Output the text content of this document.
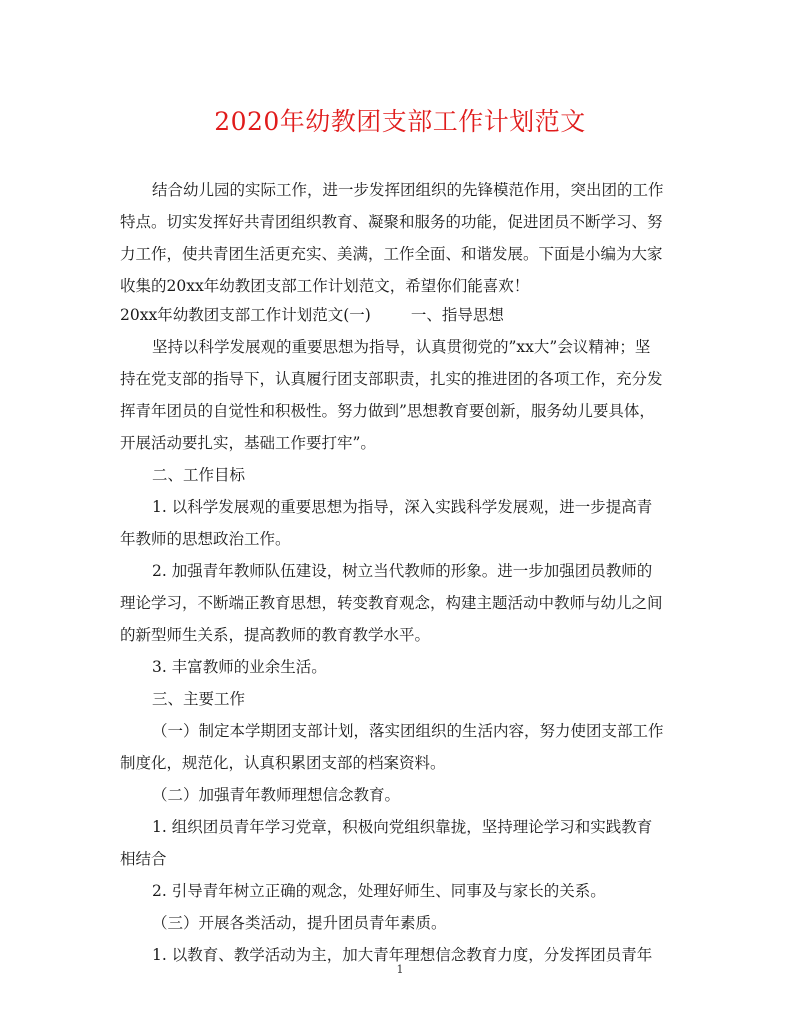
2020年幼教团支部工作计划范文
结合幼儿园的实际工作，进一步发挥团组织的先锋模范作用，突出团的工作
特点。切实发挥好共青团组织教育、凝聚和服务的功能，促进团员不断学习、努
力工作，使共青团生活更充实、美满，工作全面、和谐发展。下面是小编为大家
收集的20xx年幼教团支部工作计划范文，希望你们能喜欢！
20xx年幼教团支部工作计划范文(一)	一、指导思想
坚持以科学发展观的重要思想为指导，认真贯彻党的”xx大”会议精神；坚
持在党支部的指导下，认真履行团支部职责，扎实的推进团的各项工作，充分发
挥青年团员的自觉性和积极性。努力做到”思想教育要创新，服务幼儿要具体，
开展活动要扎实，基础工作要打牢”。
二、工作目标
1. 以科学发展观的重要思想为指导，深入实践科学发展观，进一步提高青
年教师的思想政治工作。
2. 加强青年教师队伍建设，树立当代教师的形象。进一步加强团员教师的
理论学习，不断端正教育思想，转变教育观念，构建主题活动中教师与幼儿之间
的新型师生关系，提高教师的教育教学水平。
3. 丰富教师的业余生活。
三、主要工作
（一）制定本学期团支部计划，落实团组织的生活内容，努力使团支部工作
制度化，规范化，认真积累团支部的档案资料。
（二）加强青年教师理想信念教育。
1. 组织团员青年学习党章，积极向党组织靠拢，坚持理论学习和实践教育
相结合
2. 引导青年树立正确的观念，处理好师生、同事及与家长的关系。
（三）开展各类活动，提升团员青年素质。
1. 以教育、教学活动为主，加大青年理想信念教育力度，分发挥团员青年
1
